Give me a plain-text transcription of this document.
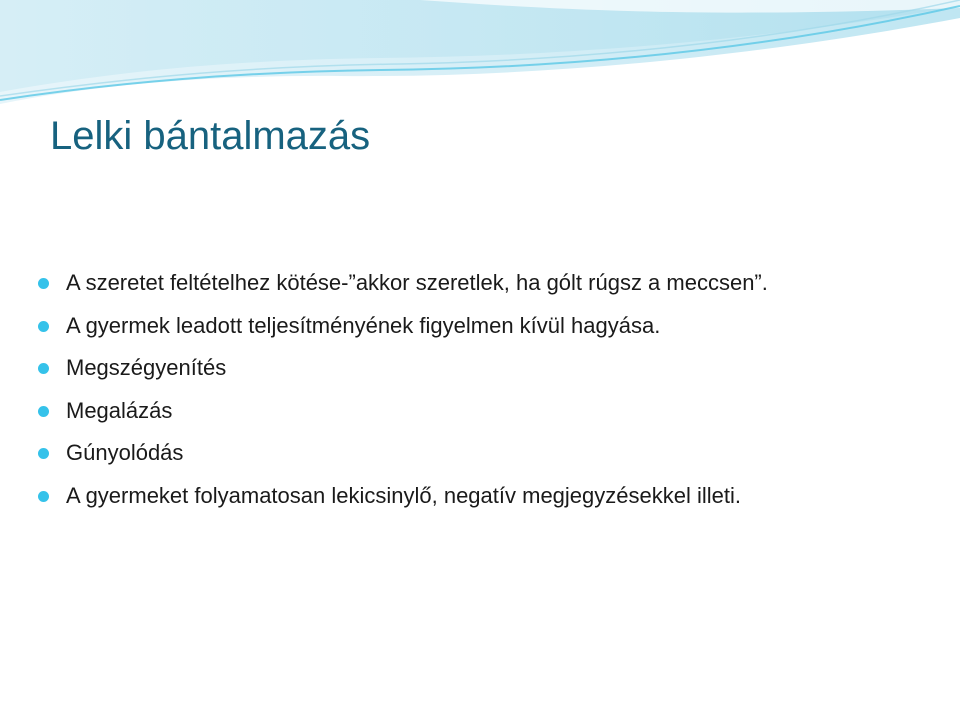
Lelki bántalmazás
A szeretet feltételhez kötése-”akkor szeretlek, ha gólt rúgsz a meccsen”.
A gyermek leadott teljesítményének figyelmen kívül hagyása.
Megszégyenítés
Megalázás
Gúnyolódás
A gyermeket folyamatosan lekicsinylő, negatív megjegyzésekkel illeti.
